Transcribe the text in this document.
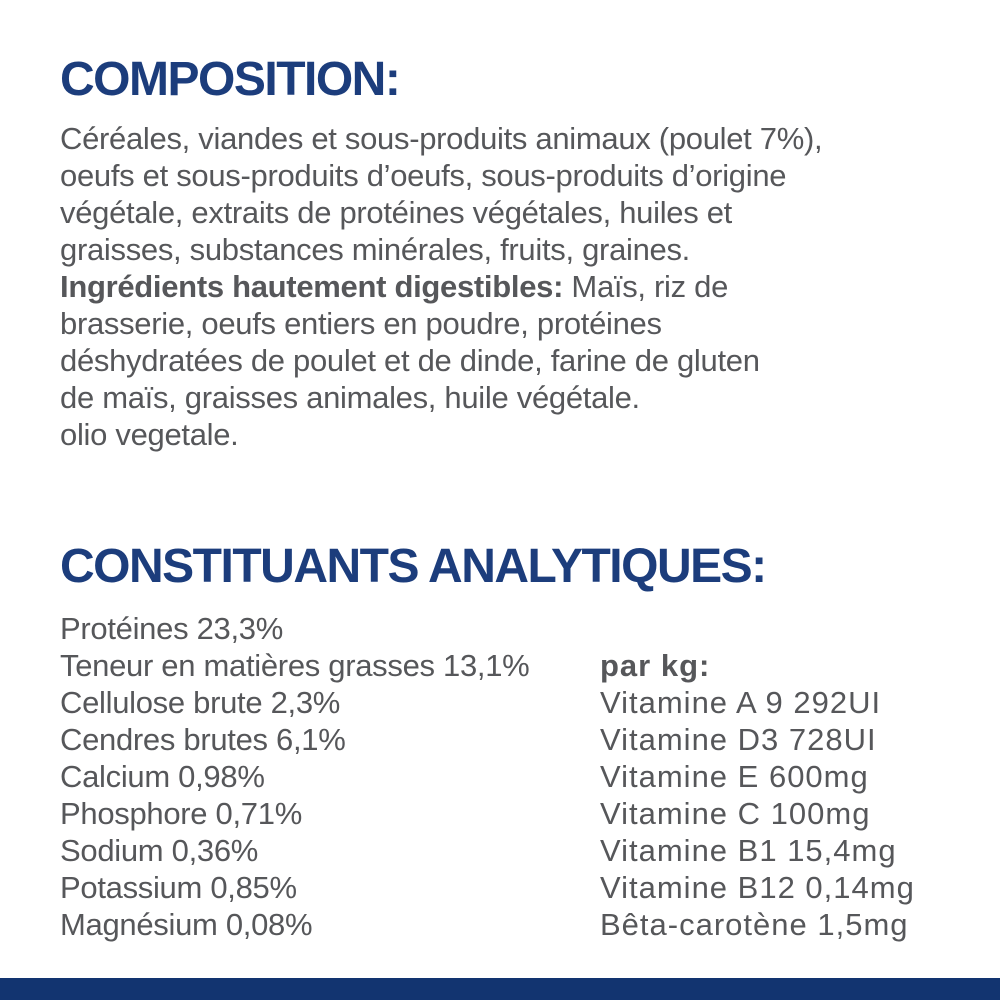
COMPOSITION:
Céréales, viandes et sous-produits animaux (poulet 7%),
oeufs et sous-produits d’oeufs, sous-produits d’origine
végétale, extraits de protéines végétales, huiles et
graisses, substances minérales, fruits, graines.
Ingrédients hautement digestibles: Maïs, riz de
brasserie, oeufs entiers en poudre, protéines
déshydratées de poulet et de dinde, farine de gluten
de maïs, graisses animales, huile végétale.
olio vegetale.
CONSTITUANTS ANALYTIQUES:
Protéines 23,3%
Teneur en matières grasses 13,1%
Cellulose brute 2,3%
Cendres brutes 6,1%
Calcium 0,98%
Phosphore 0,71%
Sodium 0,36%
Potassium 0,85%
Magnésium 0,08%
par kg:
Vitamine A 9 292UI
Vitamine D3 728UI
Vitamine E 600mg
Vitamine C 100mg
Vitamine B1 15,4mg
Vitamine B12 0,14mg
Bêta-carotène 1,5mg
